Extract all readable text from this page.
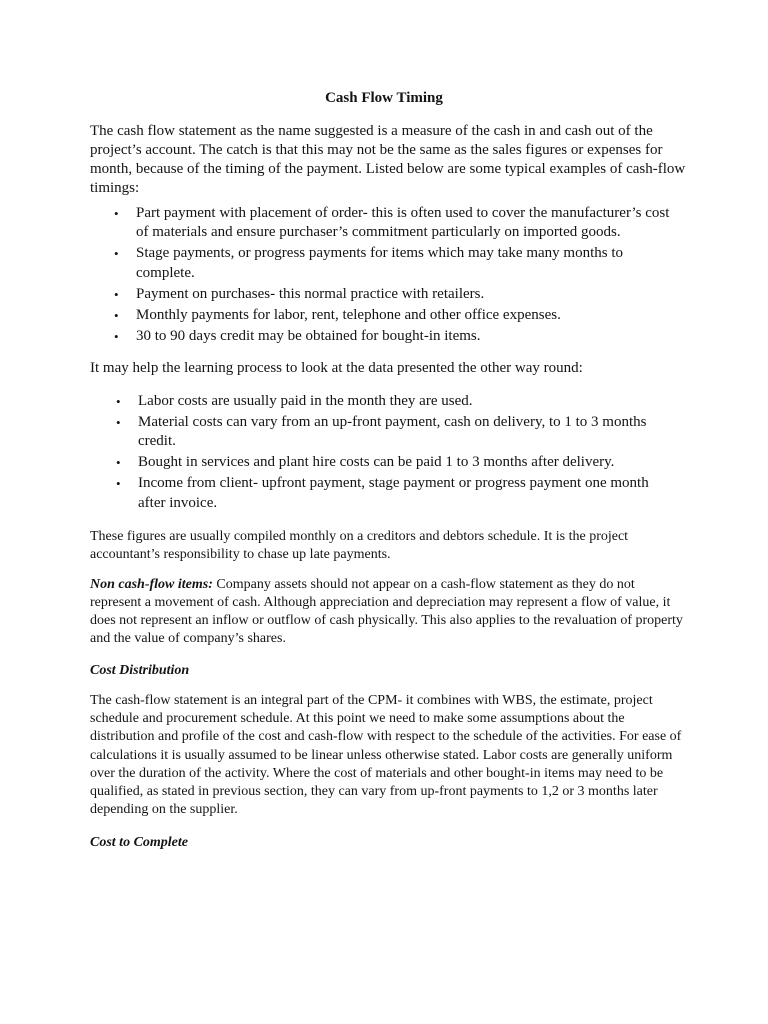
Cash Flow Timing
The cash flow statement as the name suggested is a measure of the cash in and cash out of the project’s account. The catch is that this may not be the same as the sales figures or expenses for month, because of the timing of the payment. Listed below are some typical examples of cash-flow timings:
• Part payment with placement of order- this is often used to cover the manufacturer’s cost of materials and ensure purchaser’s commitment particularly on imported goods.
• Stage payments, or progress payments for items which may take many months to complete.
• Payment on purchases- this normal practice with retailers.
• Monthly payments for labor, rent, telephone and other office expenses.
• 30 to 90 days credit may be obtained for bought-in items.
It may help the learning process to look at the data presented the other way round:
• Labor costs are usually paid in the month they are used.
• Material costs can vary from an up-front payment, cash on delivery, to 1 to 3 months credit.
• Bought in services and plant hire costs can be paid 1 to 3 months after delivery.
• Income from client- upfront payment, stage payment or progress payment one month after invoice.
These figures are usually compiled monthly on a creditors and debtors schedule. It is the project accountant’s responsibility to chase up late payments.
Non cash-flow items: Company assets should not appear on a cash-flow statement as they do not represent a movement of cash. Although appreciation and depreciation may represent a flow of value, it does not represent an inflow or outflow of cash physically. This also applies to the revaluation of property and the value of company’s shares.
Cost Distribution
The cash-flow statement is an integral part of the CPM- it combines with WBS, the estimate, project schedule and procurement schedule. At this point we need to make some assumptions about the distribution and profile of the cost and cash-flow with respect to the schedule of the activities. For ease of calculations it is usually assumed to be linear unless otherwise stated. Labor costs are generally uniform over the duration of the activity. Where the cost of materials and other bought-in items may need to be qualified, as stated in previous section, they can vary from up-front payments to 1,2 or 3 months later depending on the supplier.
Cost to Complete
